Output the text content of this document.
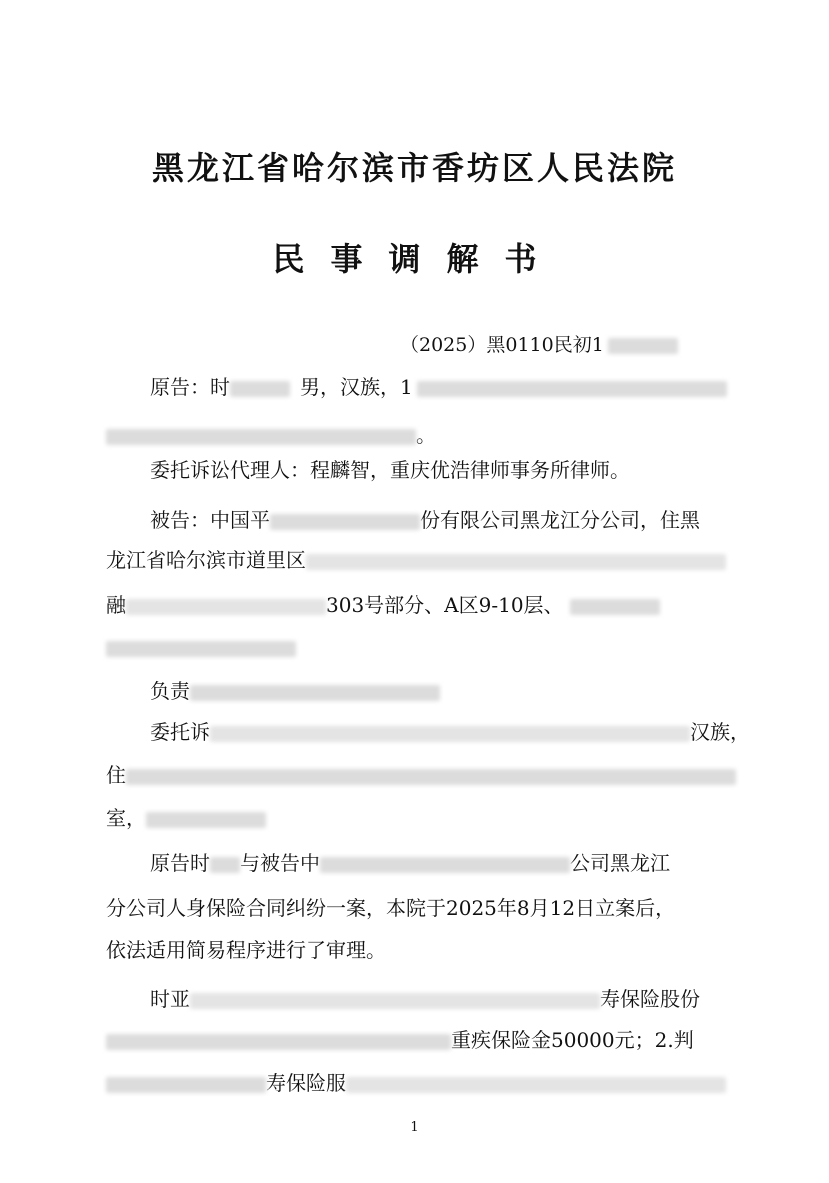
黑龙江省哈尔滨市香坊区人民法院
民事调解书
（2025）黑0110民初1
原告：时	男，汉族，1
。
委托诉讼代理人：程麟智，重庆优浩律师事务所律师。
被告：中国平	份有限公司黑龙江分公司，住黑
龙江省哈尔滨市道里区
融	303号部分、A区9-10层、
负责
委托诉	汉族，
住
室，
原告时 与被告中	公司黑龙江
分公司人身保险合同纠纷一案，本院于2025年8月12日立案后，
依法适用简易程序进行了审理。
时亚	寿保险股份
重疾保险金50000元；2.判
寿保险服
1
